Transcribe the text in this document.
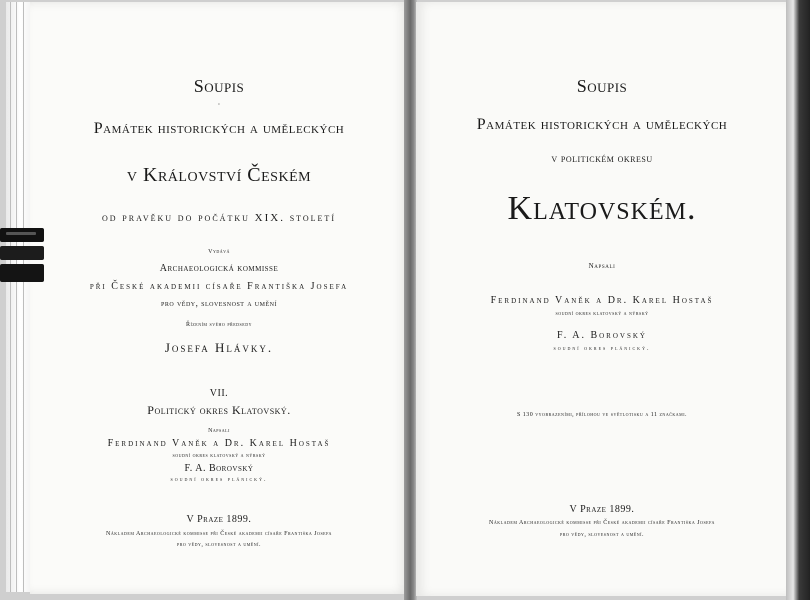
Soupis
·
Památek historických a uměleckých
v Království Českém
od pravěku do počátku XIX. století
Vydává
Archaeologická kommisse
při České akademii císaře Františka Josefa
pro vědy, slovesnost a umění
Řízením svého předsedy
Josefa Hlávky.
VII.
Politický okres Klatovský.
Napsali
Ferdinand Vaněk a Dr. Karel Hostaš
soudní okres klatovský a nýrský
F. A. Borovský
soudní okres plánický.
V Praze 1899.
Nákladem Archaeologické kommisse při České akademii císaře Františka Josefa
pro vědy, slovesnost a umění.
Soupis
Památek historických a uměleckých
v politickém okresu
Klatovském.
Napsali
Ferdinand Vaněk a Dr. Karel Hostaš
soudní okres klatovský a nýrský
F. A. Borovský
soudní okres plánický.
S 130 vyobrazeními, přílohou ve světlotisku a 11 značkami.
V Praze 1899.
Nákladem Archaeologické kommisse při České akademii císaře Františka Josefa
pro vědy, slovesnost a umění.
